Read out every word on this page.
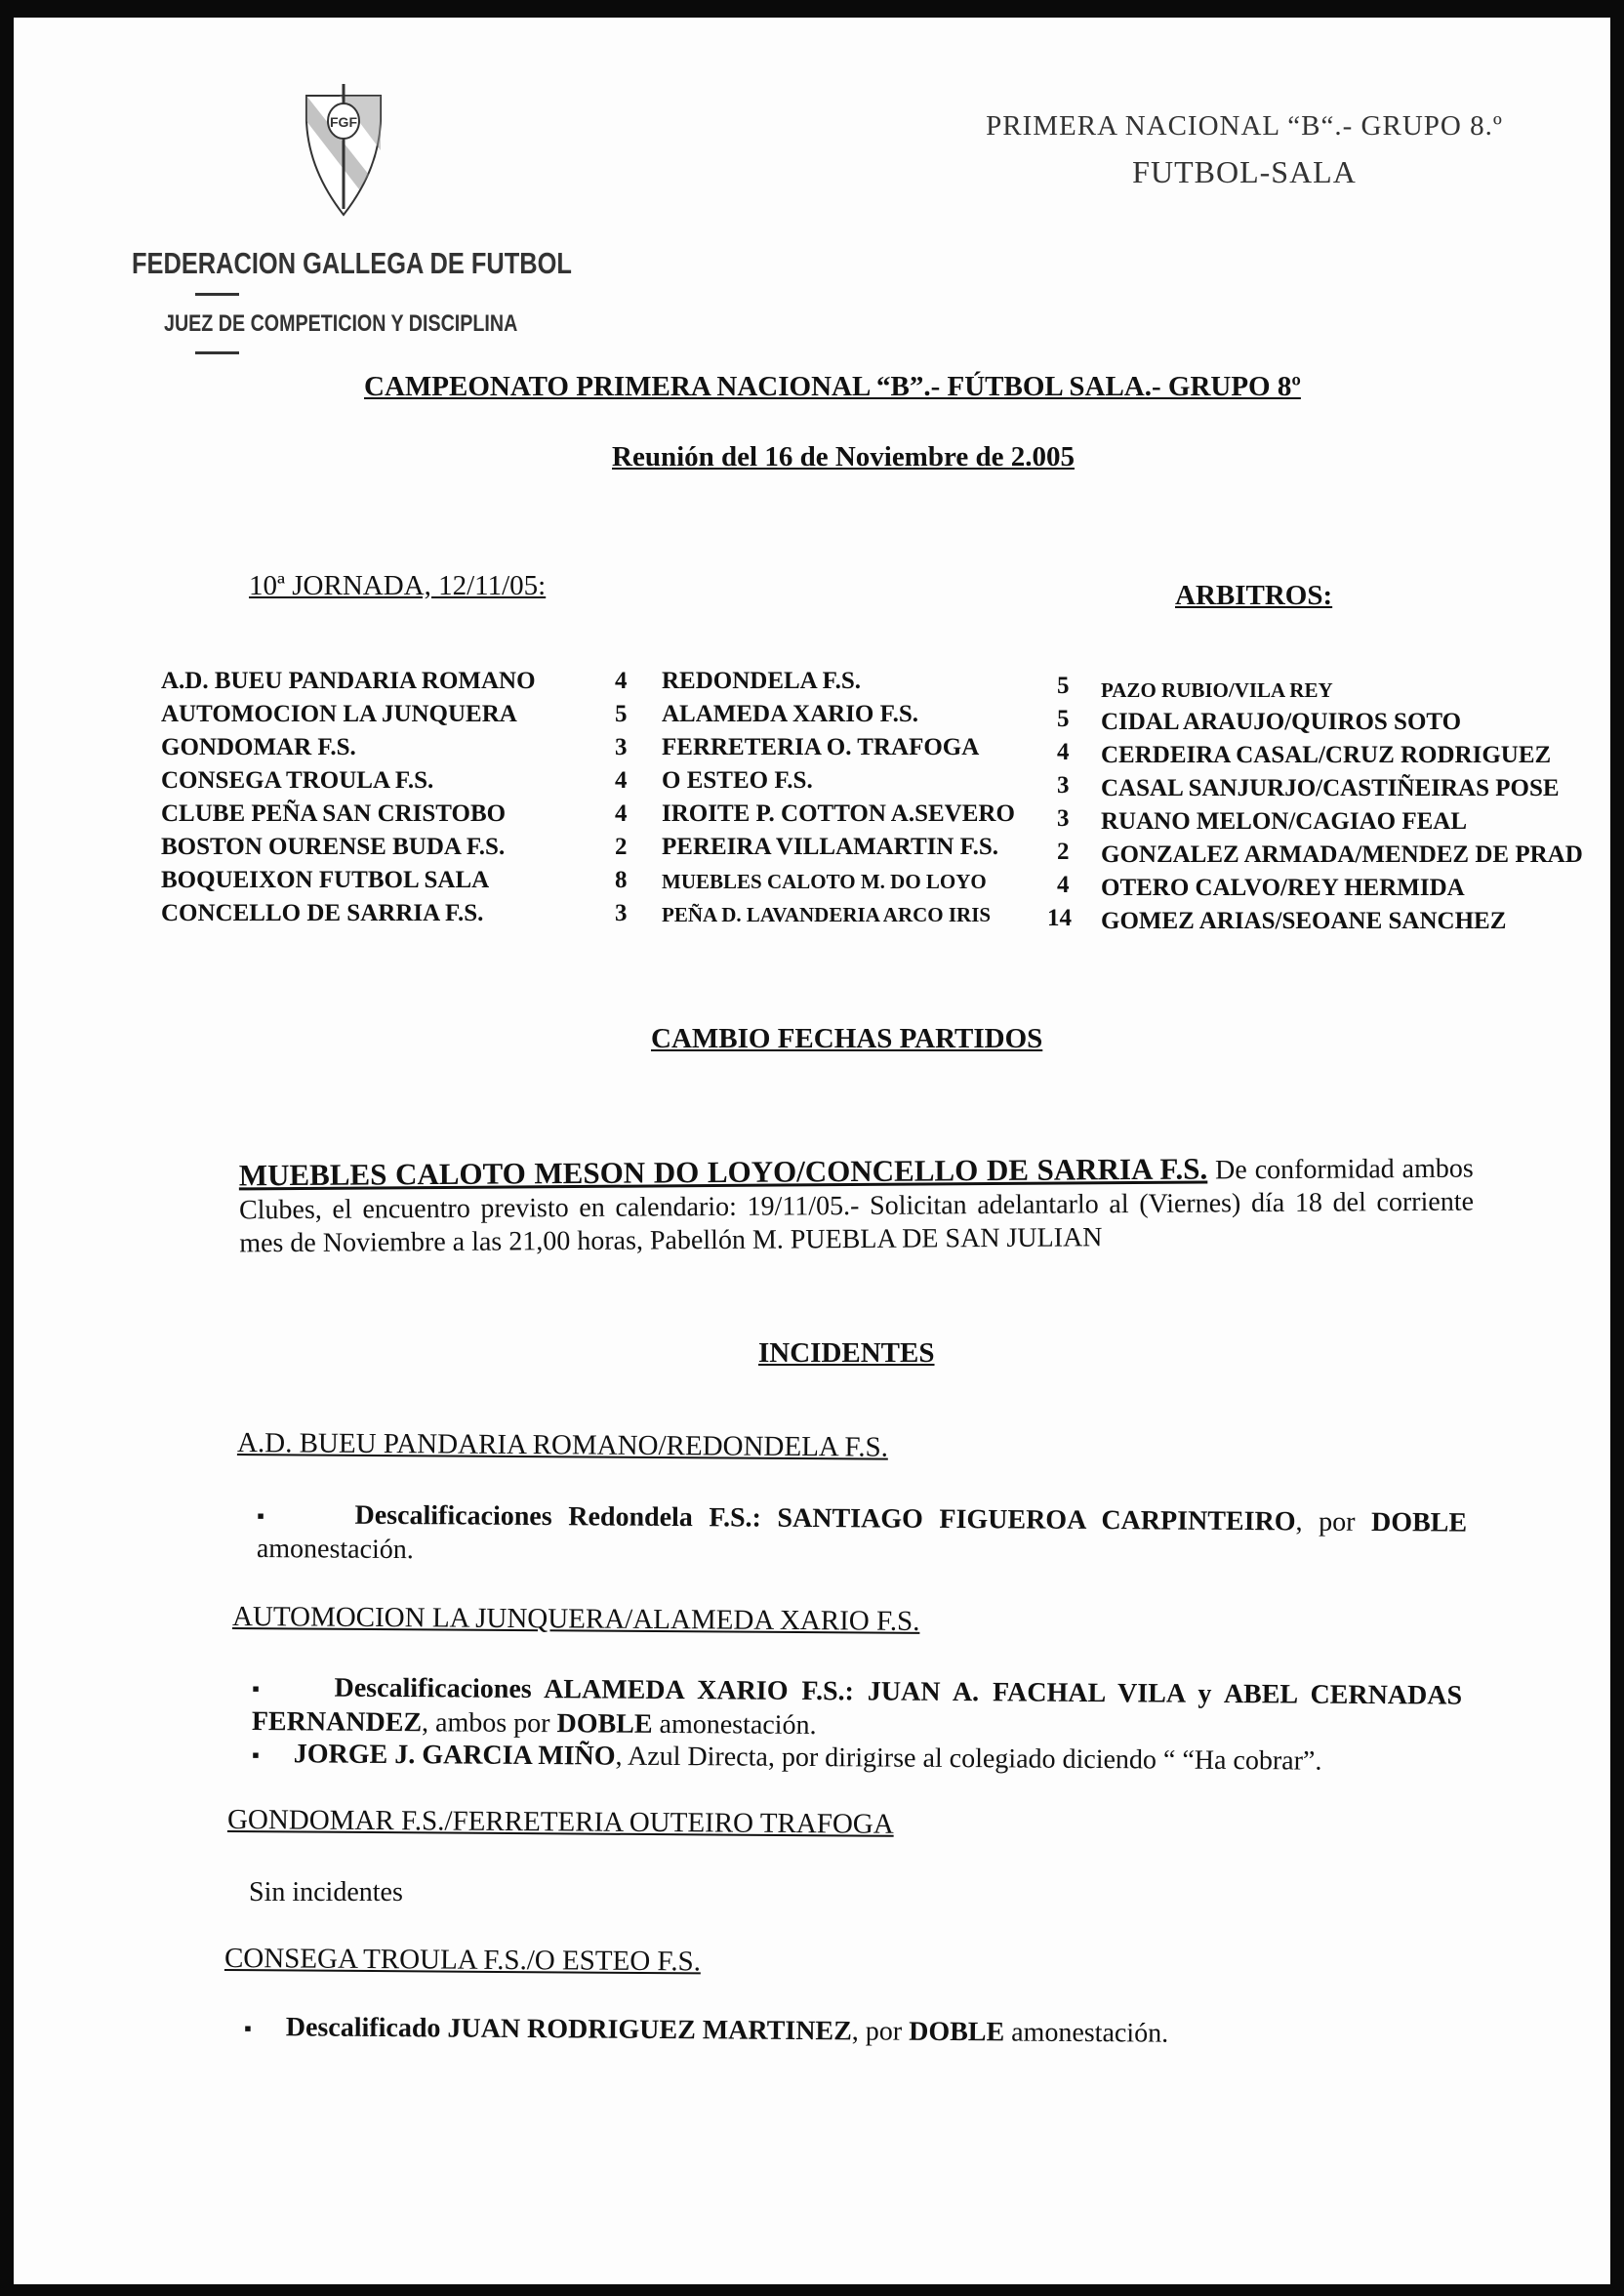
FGF
FEDERACION GALLEGA DE FUTBOL
JUEZ DE COMPETICION Y DISCIPLINA
PRIMERA NACIONAL “B“.- GRUPO 8.º
FUTBOL-SALA
CAMPEONATO PRIMERA NACIONAL “B”.- FÚTBOL SALA.- GRUPO 8º
Reunión del 16 de Noviembre de 2.005
10ª JORNADA, 12/11/05:	ARBITROS:
A.D. BUEU PANDARIA ROMANO	4 REDONDELA F.S.	5 PAZO RUBIO/VILA REY
AUTOMOCION LA JUNQUERA	5 ALAMEDA XARIO F.S.	5 CIDAL ARAUJO/QUIROS SOTO
GONDOMAR F.S.	3 FERRETERIA O. TRAFOGA	4 CERDEIRA CASAL/CRUZ RODRIGUEZ
CONSEGA TROULA F.S.	4 O ESTEO F.S.	3 CASAL SANJURJO/CASTIÑEIRAS POSE
CLUBE PEÑA SAN CRISTOBO	4 IROITE P. COTTON A.SEVERO 3 RUANO MELON/CAGIAO FEAL
BOSTON OURENSE BUDA F.S.	2 PEREIRA VILLAMARTIN F.S. 2 GONZALEZ ARMADA/MENDEZ DE PRAD
BOQUEIXON FUTBOL SALA	8 MUEBLES CALOTO M. DO LOYO	4 OTERO CALVO/REY HERMIDA
CONCELLO DE SARRIA F.S.	3 PEÑA D. LAVANDERIA ARCO IRIS 14 GOMEZ ARIAS/SEOANE SANCHEZ
CAMBIO FECHAS PARTIDOS
MUEBLES CALOTO MESON DO LOYO/CONCELLO DE SARRIA F.S. De conformidad ambos Clubes, el encuentro previsto en calendario: 19/11/05.- Solicitan adelantarlo al (Viernes) día 18 del corriente mes de Noviembre a las 21,00 horas, Pabellón M. PUEBLA DE SAN JULIAN
INCIDENTES
A.D. BUEU PANDARIA ROMANO/REDONDELA F.S.
▪	Descalificaciones Redondela F.S.: SANTIAGO FIGUEROA CARPINTEIRO, por DOBLE amonestación.
AUTOMOCION LA JUNQUERA/ALAMEDA XARIO F.S.
▪ Descalificaciones ALAMEDA XARIO F.S.: JUAN A. FACHAL VILA y ABEL CERNADAS FERNANDEZ, ambos por DOBLE amonestación.
▪ JORGE J. GARCIA MIÑO, Azul Directa, por dirigirse al colegiado diciendo “ “Ha cobrar”.
GONDOMAR F.S./FERRETERIA OUTEIRO TRAFOGA
Sin incidentes
CONSEGA TROULA F.S./O ESTEO F.S.
▪ Descalificado JUAN RODRIGUEZ MARTINEZ, por DOBLE amonestación.
